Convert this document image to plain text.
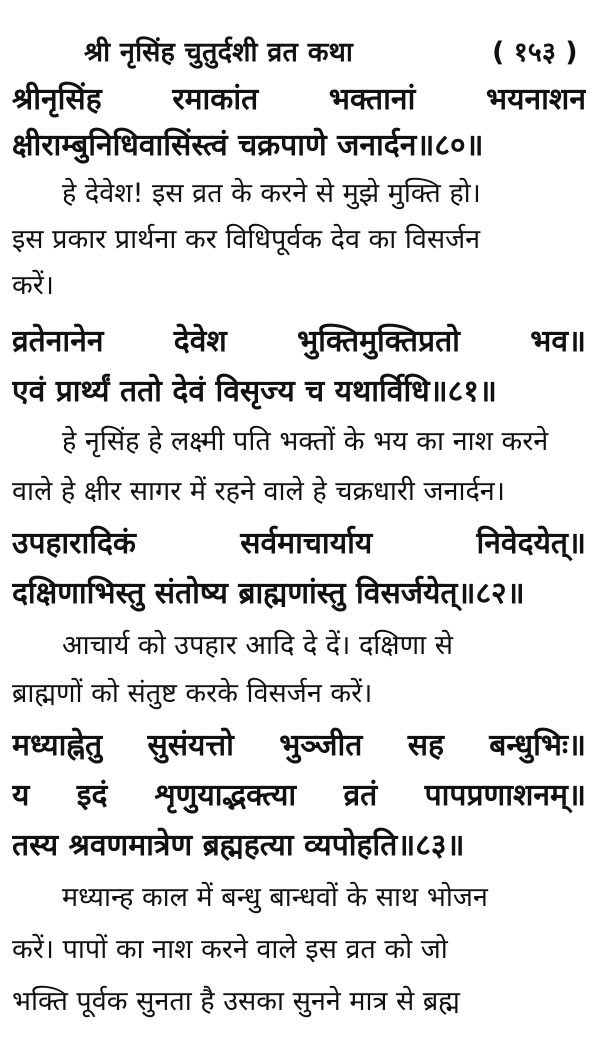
श्री नृसिंह चुतुर्दशी व्रत कथा	( १५३ )
श्रीनृसिंह रमाकांत भक्तानां भयनाशन
क्षीराम्बुनिधिवासिंस्त्वं चक्रपाणे जनार्दन॥८०॥
हे देवेश! इस व्रत के करने से मुझे मुक्ति हो।
इस प्रकार प्रार्थना कर विधिपूर्वक देव का विसर्जन
करें।
व्रतेनानेन देवेश भुक्तिमुक्तिप्रतो भव॥
एवं प्रार्थ्यं ततो देवं विसृज्य च यथार्विधि॥८१॥
हे नृसिंह हे लक्ष्मी पति भक्तों के भय का नाश करने
वाले हे क्षीर सागर में रहने वाले हे चक्रधारी जनार्दन।
उपहारादिकं	सर्वमाचार्याय	निवेदयेत्॥
दक्षिणाभिस्तु संतोष्य ब्राह्मणांस्तु विसर्जयेत्॥८२॥
आचार्य को उपहार आदि दे दें। दक्षिणा से
ब्राह्मणों को संतुष्ट करके विसर्जन करें।
मध्याह्नेतु सुसंयत्तो भुञ्जीत सह बन्धुभिः॥
य इदं शृणुयाद्भक्त्या व्रतं पापप्रणाशनम्॥
तस्य श्रवणमात्रेण ब्रह्महत्या व्यपोहति॥८३॥
मध्यान्ह काल में बन्धु बान्धवों के साथ भोजन
करें। पापों का नाश करने वाले इस व्रत को जो
भक्ति पूर्वक सुनता है उसका सुनने मात्र से ब्रह्म
